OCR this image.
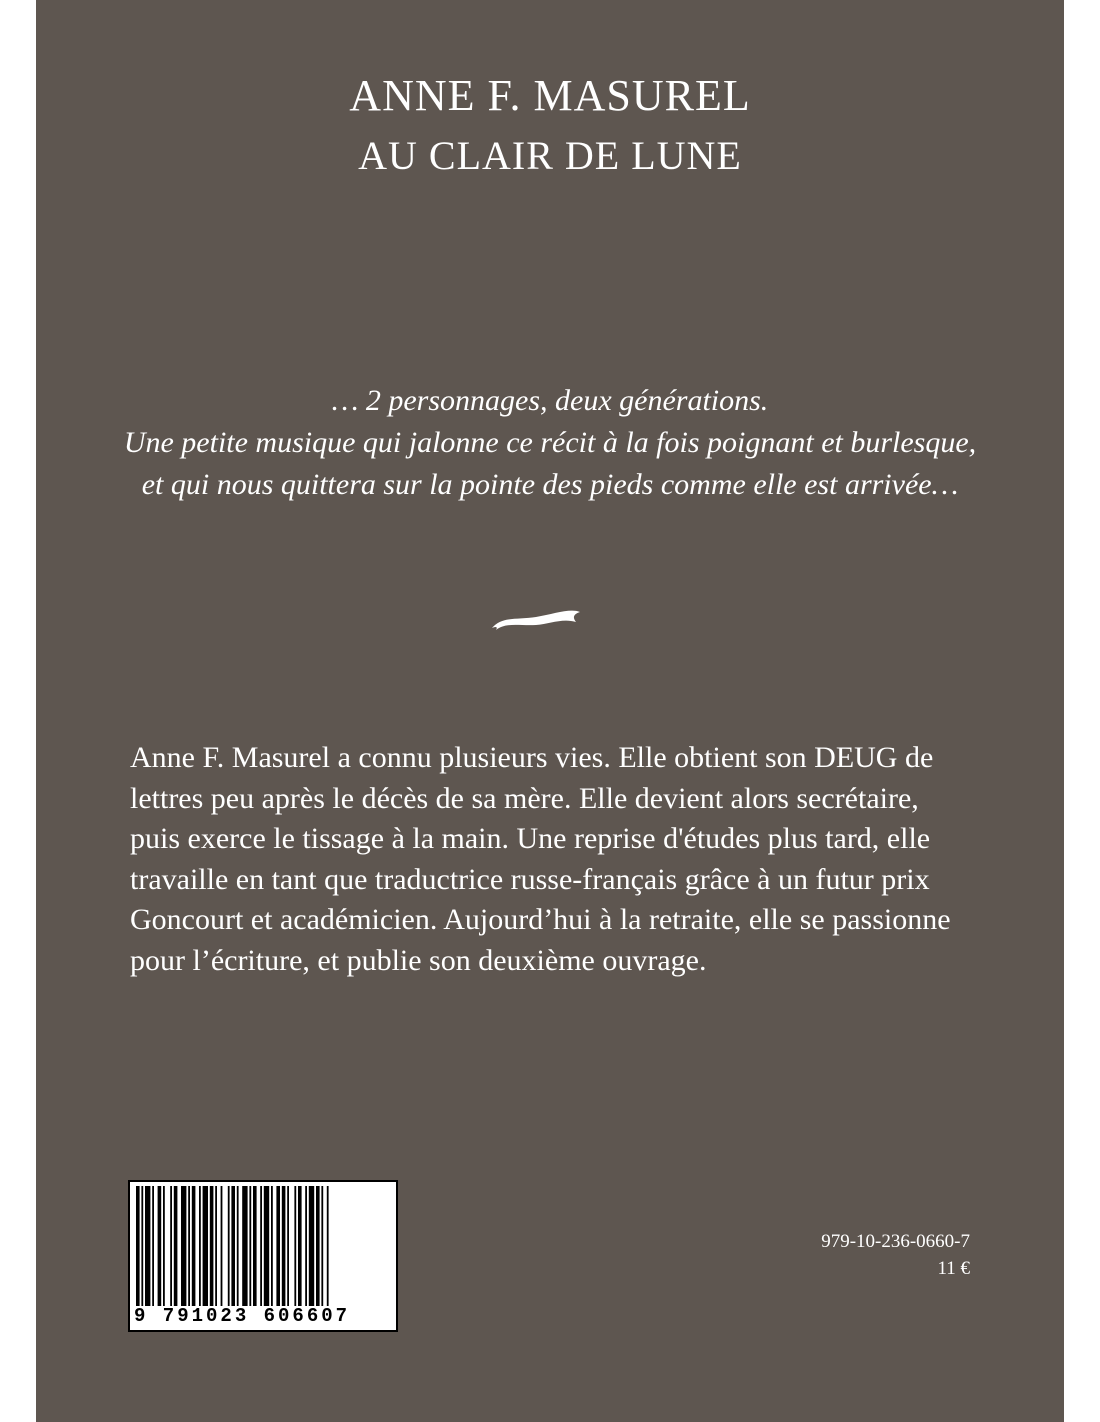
ANNE F. MASUREL
AU CLAIR DE LUNE

… 2 personnages, deux générations.
Une petite musique qui jalonne ce récit à la fois poignant et burlesque,
et qui nous quittera sur la pointe des pieds comme elle est arrivée…

Anne F. Masurel a connu plusieurs vies. Elle obtient son DEUG de
lettres peu après le décès de sa mère. Elle devient alors secrétaire,
puis exerce le tissage à la main. Une reprise d'études plus tard, elle
travaille en tant que traductrice russe-français grâce à un futur prix
Goncourt et académicien. Aujourd’hui à la retraite, elle se passionne
pour l’écriture, et publie son deuxième ouvrage.

9 791023 606607

979-10-236-0660-7
11 €
